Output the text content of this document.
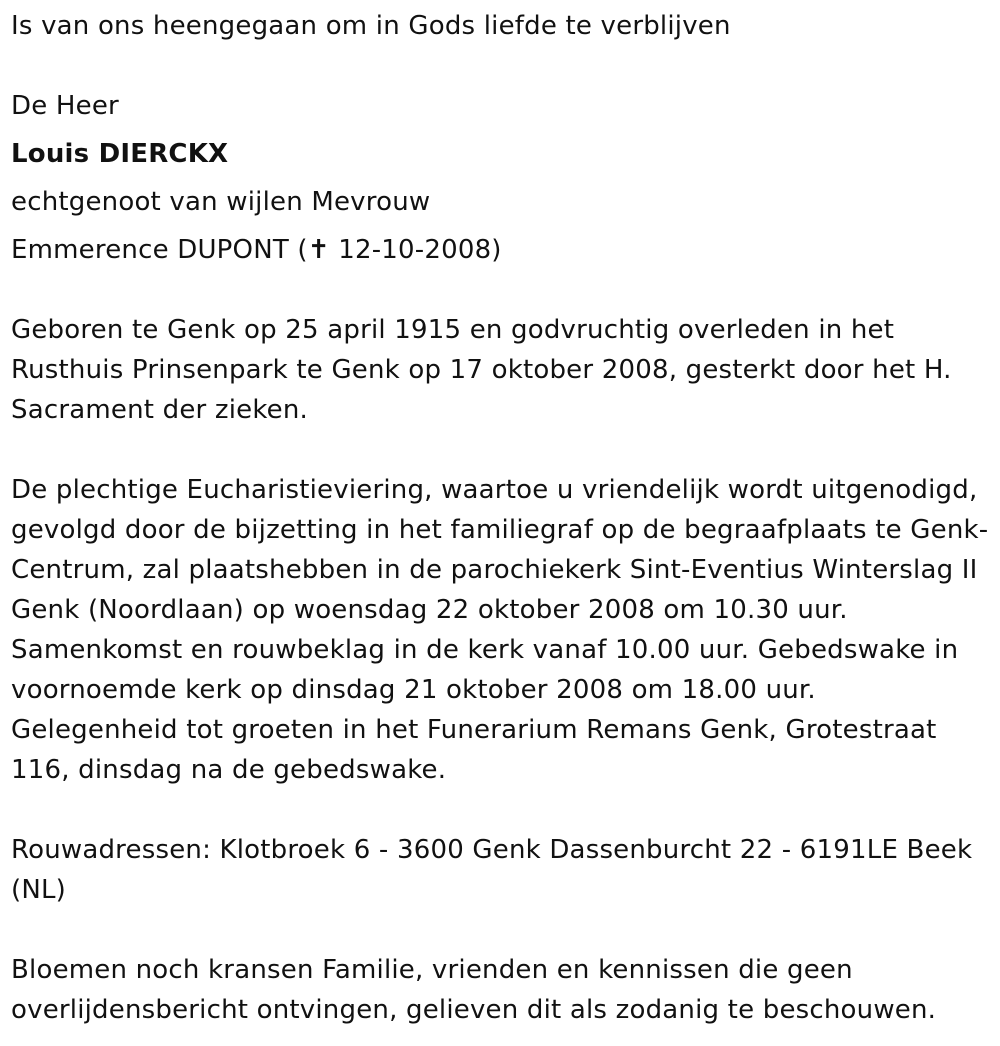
Is van ons heengegaan om in Gods liefde te verblijven

De Heer

Louis DIERCKX

echtgenoot van wijlen Mevrouw

Emmerence DUPONT (✝ 12-10-2008)

Geboren te Genk op 25 april 1915 en godvruchtig overleden in het Rusthuis Prinsenpark te Genk op 17 oktober 2008, gesterkt door het H. Sacrament der zieken.

De plechtige Eucharistieviering, waartoe u vriendelijk wordt uitgenodigd, gevolgd door de bijzetting in het familiegraf op de begraafplaats te Genk-Centrum, zal plaatshebben in de parochiekerk Sint-Eventius Winterslag II Genk (Noordlaan) op woensdag 22 oktober 2008 om 10.30 uur. Samenkomst en rouwbeklag in de kerk vanaf 10.00 uur. Gebedswake in voornoemde kerk op dinsdag 21 oktober 2008 om 18.00 uur. Gelegenheid tot groeten in het Funerarium Remans Genk, Grotestraat 116, dinsdag na de gebedswake.

Rouwadressen: Klotbroek 6 - 3600 Genk Dassenburcht 22 - 6191LE Beek (NL)

Bloemen noch kransen Familie, vrienden en kennissen die geen overlijdensbericht ontvingen, gelieven dit als zodanig te beschouwen.
